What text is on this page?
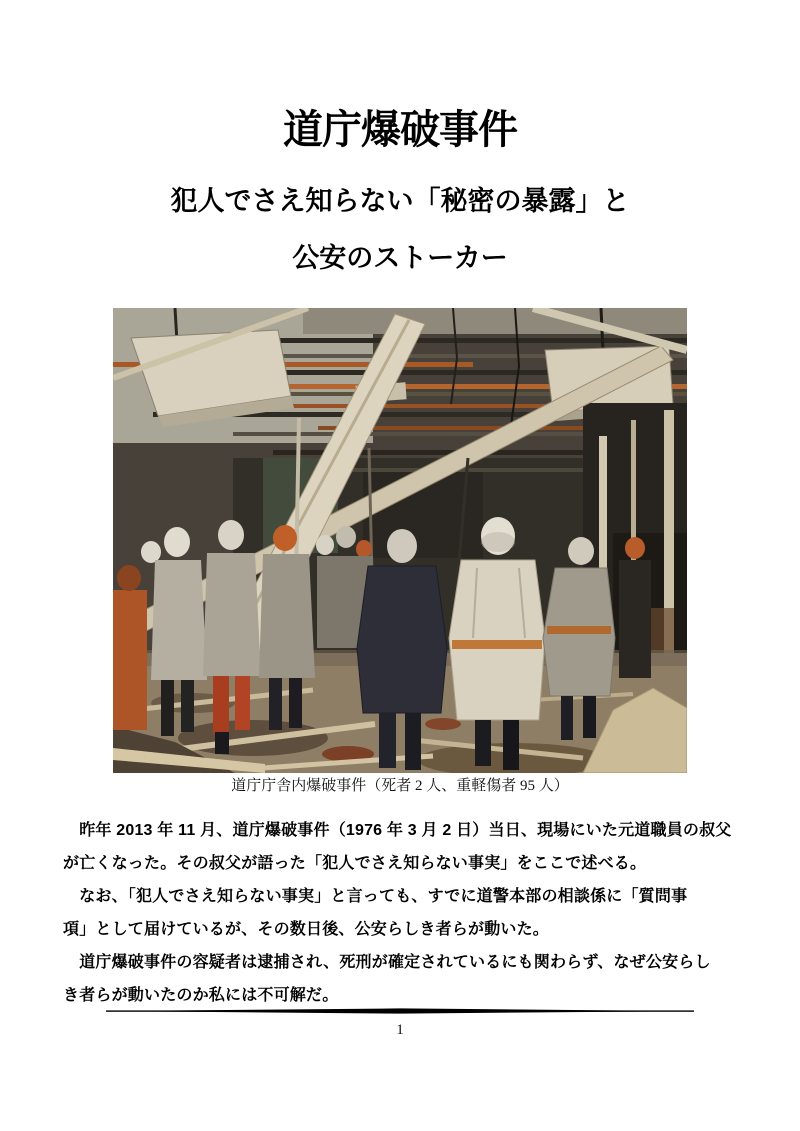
道庁爆破事件
犯人でさえ知らない「秘密の暴露」と
公安のストーカー
道庁庁舎内爆破事件（死者 2 人、重軽傷者 95 人）

　昨年 2013 年 11 月、道庁爆破事件（1976 年 3 月 2 日）当日、現場にいた元道職員の叔父

が亡くなった。その叔父が語った「犯人でさえ知らない事実」をここで述べる。

　なお、「犯人でさえ知らない事実」と言っても、すでに道警本部の相談係に「質問事

項」として届けているが、その数日後、公安らしき者らが動いた。

　道庁爆破事件の容疑者は逮捕され、死刑が確定されているにも関わらず、なぜ公安らし

き者らが動いたのか私には不可解だ。

1
